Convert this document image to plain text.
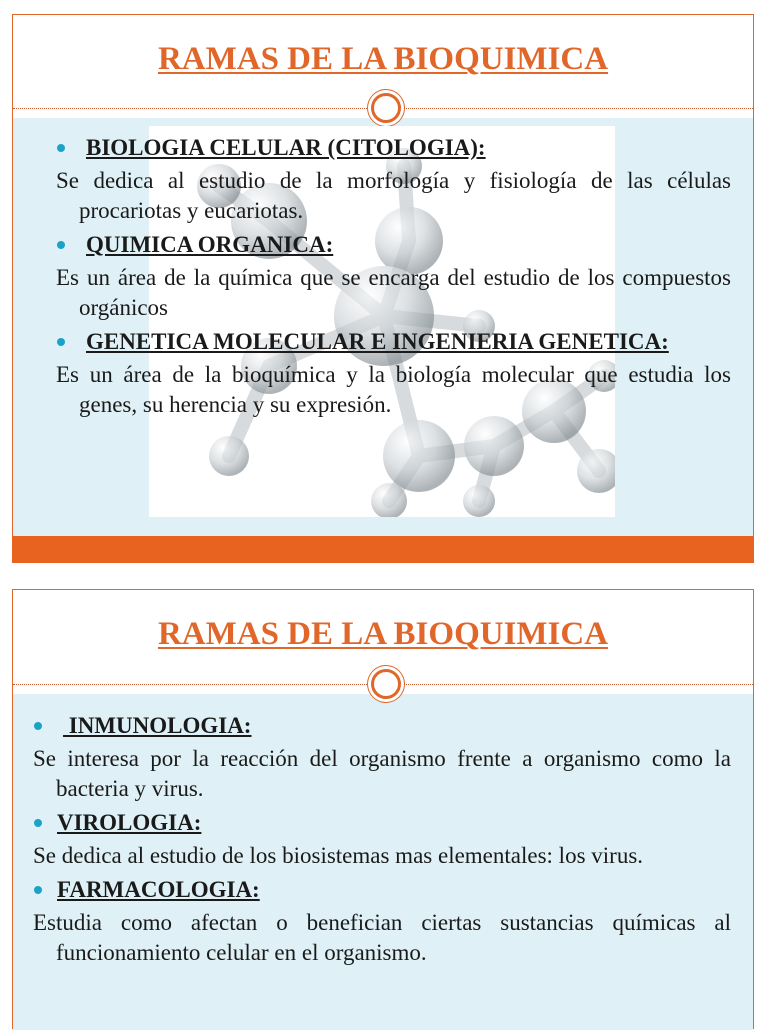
RAMAS DE LA BIOQUIMICA
BIOLOGIA CELULAR (CITOLOGIA):
Se dedica al estudio de la morfología y fisiología de las células procariotas y eucariotas.
QUIMICA ORGANICA:
Es un área de la química que se encarga del estudio de los compuestos orgánicos
GENETICA MOLECULAR E INGENIERIA GENETICA:
Es un área de la bioquímica y la biología molecular que estudia los genes, su herencia y su expresión.
RAMAS DE LA BIOQUIMICA
INMUNOLOGIA:
Se interesa por la reacción del organismo frente a organismo como la bacteria y virus.
VIROLOGIA:
Se dedica al estudio de los biosistemas mas elementales: los virus.
FARMACOLOGIA:
Estudia como afectan o benefician ciertas sustancias químicas al funcionamiento celular en el organismo.
